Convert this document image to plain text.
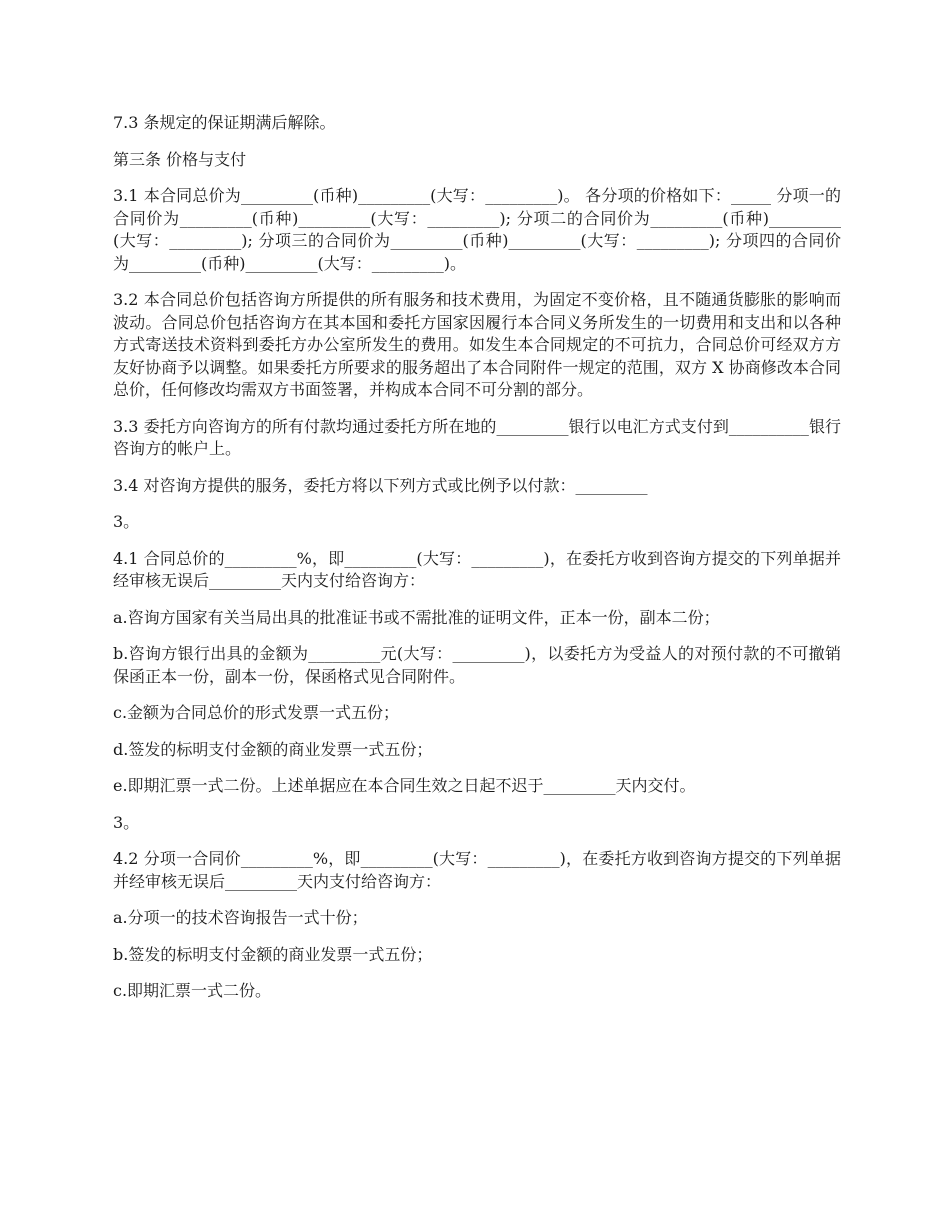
7.3 条规定的保证期满后解除。

第三条 价格与支付

3.1 本合同总价为_________(币种)_________(大写：_________)。 各分项的价格如下：_____ 分项一的合同价为_________(币种)_________(大写：_________); 分项二的合同价为_________(币种)_________(大写：_________); 分项三的合同价为_________(币种)_________(大写：_________); 分项四的合同价为_________(币种)_________(大写：_________)。

3.2 本合同总价包括咨询方所提供的所有服务和技术费用，为固定不变价格，且不随通货膨胀的影响而波动。合同总价包括咨询方在其本国和委托方国家因履行本合同义务所发生的一切费用和支出和以各种方式寄送技术资料到委托方办公室所发生的费用。如发生本合同规定的不可抗力，合同总价可经双方方友好协商予以调整。如果委托方所要求的服务超出了本合同附件一规定的范围，双方 X 协商修改本合同总价，任何修改均需双方书面签署，并构成本合同不可分割的部分。

3.3 委托方向咨询方的所有付款均通过委托方所在地的_________银行以电汇方式支付到__________银行咨询方的帐户上。

3.4 对咨询方提供的服务，委托方将以下列方式或比例予以付款：_________

3。

4.1 合同总价的_________%，即_________(大写：_________)，在委托方收到咨询方提交的下列单据并经审核无误后_________天内支付给咨询方：

a.咨询方国家有关当局出具的批准证书或不需批准的证明文件，正本一份，副本二份；

b.咨询方银行出具的金额为_________元(大写：_________)，以委托方为受益人的对预付款的不可撤销保函正本一份，副本一份，保函格式见合同附件。

c.金额为合同总价的形式发票一式五份；

d.签发的标明支付金额的商业发票一式五份；

e.即期汇票一式二份。上述单据应在本合同生效之日起不迟于_________天内交付。

3。

4.2 分项一合同价_________%，即_________(大写：_________)，在委托方收到咨询方提交的下列单据并经审核无误后_________天内支付给咨询方：

a.分项一的技术咨询报告一式十份；

b.签发的标明支付金额的商业发票一式五份；

c.即期汇票一式二份。
